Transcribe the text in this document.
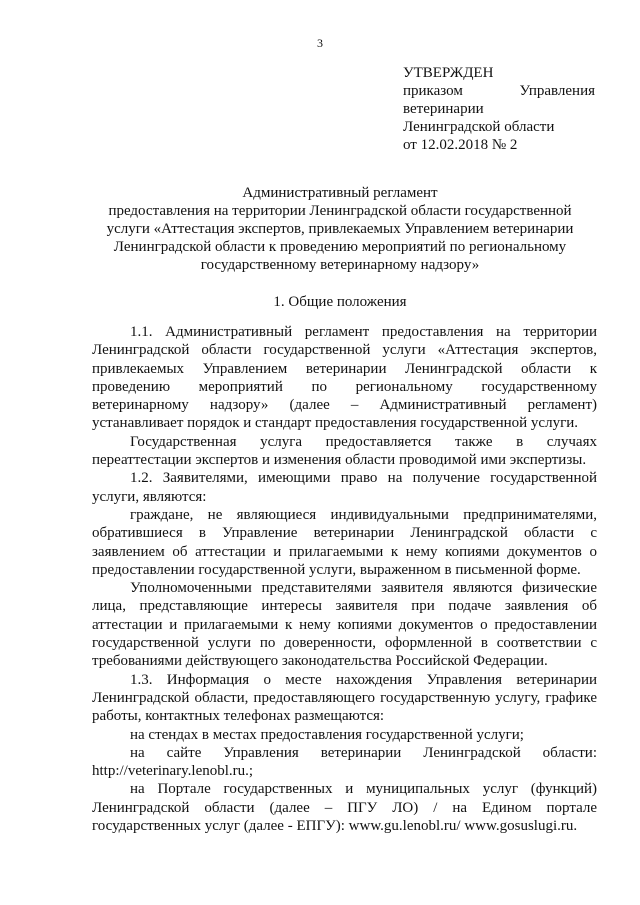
3
УТВЕРЖДЕН
приказом	Управления
ветеринарии
Ленинградской области
от 12.02.2018 № 2
Административный регламент
предоставления на территории Ленинградской области государственной
услуги «Аттестация экспертов, привлекаемых Управлением ветеринарии
Ленинградской области к проведению мероприятий по региональному
государственному ветеринарному надзору»
1. Общие положения

1.1. Административный регламент предоставления на территории Ленинградской области государственной услуги «Аттестация экспертов, привлекаемых Управлением ветеринарии Ленинградской области к проведению мероприятий по региональному государственному ветеринарному надзору» (далее – Административный регламент) устанавливает порядок и стандарт предоставления государственной услуги.

Государственная услуга предоставляется также в случаях переаттестации экспертов и изменения области проводимой ими экспертизы.

1.2. Заявителями, имеющими право на получение государственной услуги, являются:

граждане, не являющиеся индивидуальными предпринимателями, обратившиеся в Управление ветеринарии Ленинградской области с заявлением об аттестации и прилагаемыми к нему копиями документов о предоставлении государственной услуги, выраженном в письменной форме.

Уполномоченными представителями заявителя являются физические лица, представляющие интересы заявителя при подаче заявления об аттестации и прилагаемыми к нему копиями документов о предоставлении государственной услуги по доверенности, оформленной в соответствии с требованиями действующего законодательства Российской Федерации.

1.3. Информация о месте нахождения Управления ветеринарии Ленинградской области, предоставляющего государственную услугу, графике работы, контактных телефонах размещаются:

на стендах в местах предоставления государственной услуги;

на сайте Управления ветеринарии Ленинградской области: http://veterinary.lenobl.ru.;

на Портале государственных и муниципальных услуг (функций) Ленинградской области (далее – ПГУ ЛО) / на Едином портале государственных услуг (далее - ЕПГУ): www.gu.lenobl.ru/ www.gosuslugi.ru.
